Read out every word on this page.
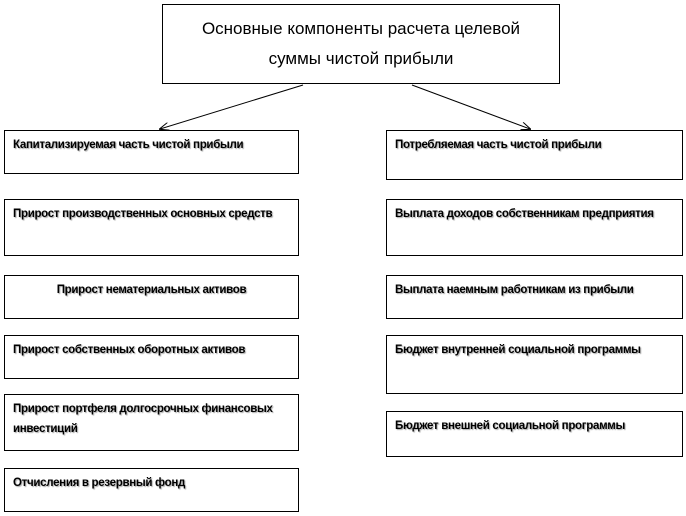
Основные компоненты расчета целевой суммы чистой прибыли
Капитализируемая часть чистой прибыли
Прирост производственных основных средств
Прирост нематериальных активов
Прирост собственных оборотных активов
Прирост портфеля долгосрочных финансовых инвестиций
Отчисления в резервный фонд
Потребляемая часть чистой прибыли
Выплата доходов собственникам предприятия
Выплата наемным работникам из прибыли
Бюджет внутренней социальной программы
Бюджет внешней социальной программы
